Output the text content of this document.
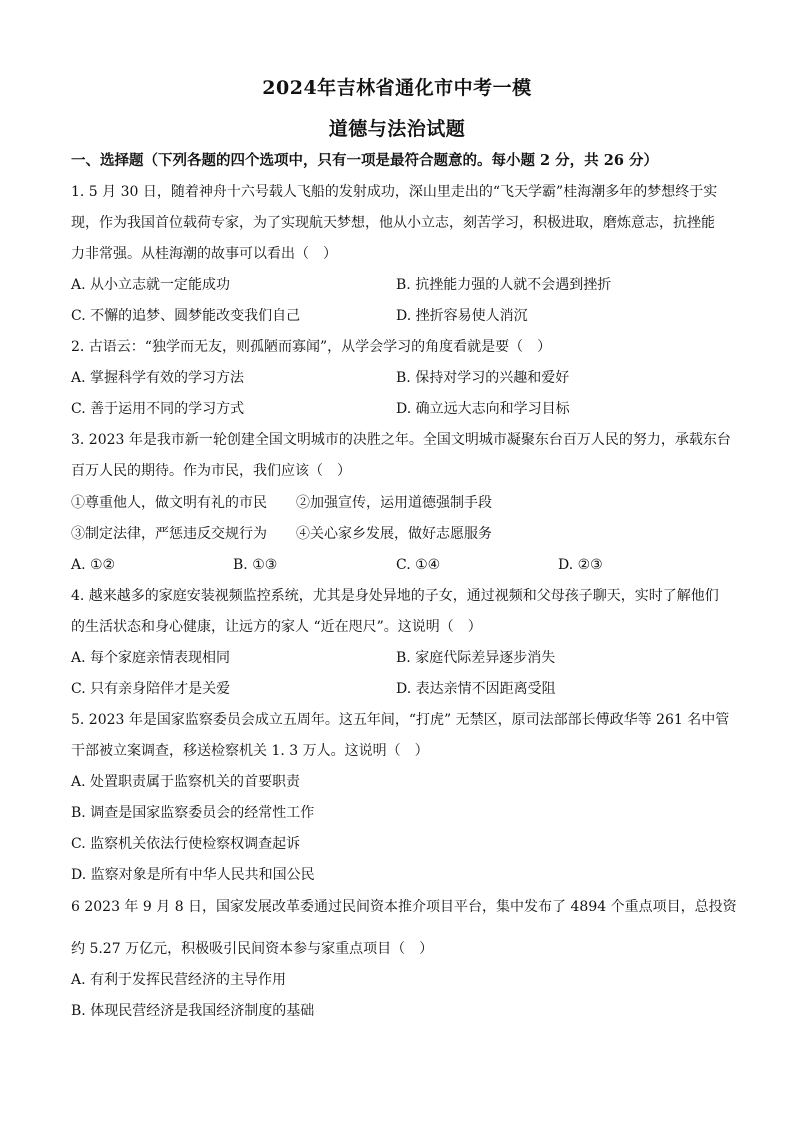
2024年吉林省通化市中考一模
道德与法治试题
一、选择题（下列各题的四个选项中，只有一项是最符合题意的。每小题 2 分，共 26 分）
1. 5 月 30 日，随着神舟十六号载人飞船的发射成功，深山里走出的“飞天学霸”桂海潮多年的梦想终于实
现，作为我国首位载荷专家，为了实现航天梦想，他从小立志，刻苦学习，积极进取，磨炼意志，抗挫能
力非常强。从桂海潮的故事可以看出（　）
A. 从小立志就一定能成功	B. 抗挫能力强的人就不会遇到挫折
C. 不懈的追梦、圆梦能改变我们自己	D. 挫折容易使人消沉
2. 古语云：“独学而无友，则孤陋而寡闻”，从学会学习的角度看就是要（　）
A. 掌握科学有效的学习方法	B. 保持对学习的兴趣和爱好
C. 善于运用不同的学习方式	D. 确立远大志向和学习目标
3. 2023 年是我市新一轮创建全国文明城市的决胜之年。全国文明城市凝聚东台百万人民的努力，承载东台
百万人民的期待。作为市民，我们应该（　）
①尊重他人，做文明有礼的市民 ②加强宣传，运用道德强制手段
③制定法律，严惩违反交规行为 ④关心家乡发展，做好志愿服务
A. ①②	B. ①③	C. ①④	D. ②③
4. 越来越多的家庭安装视频监控系统，尤其是身处异地的子女，通过视频和父母孩子聊天，实时了解他们
的生活状态和身心健康，让远方的家人 “近在咫尺”。这说明（　）
A. 每个家庭亲情表现相同	B. 家庭代际差异逐步消失
C. 只有亲身陪伴才是关爱	D. 表达亲情不因距离受阻
5. 2023 年是国家监察委员会成立五周年。这五年间，“打虎” 无禁区，原司法部部长傅政华等 261 名中管
干部被立案调查，移送检察机关 1. 3 万人。这说明（　）
A. 处置职责属于监察机关的首要职责
B. 调查是国家监察委员会的经常性工作
C. 监察机关依法行使检察权调查起诉
D. 监察对象是所有中华人民共和国公民
6 2023 年 9 月 8 日，国家发展改革委通过民间资本推介项目平台，集中发布了 4894 个重点项目，总投资
约 5.27 万亿元，积极吸引民间资本参与家重点项目（　）
A. 有利于发挥民营经济的主导作用
B. 体现民营经济是我国经济制度的基础
